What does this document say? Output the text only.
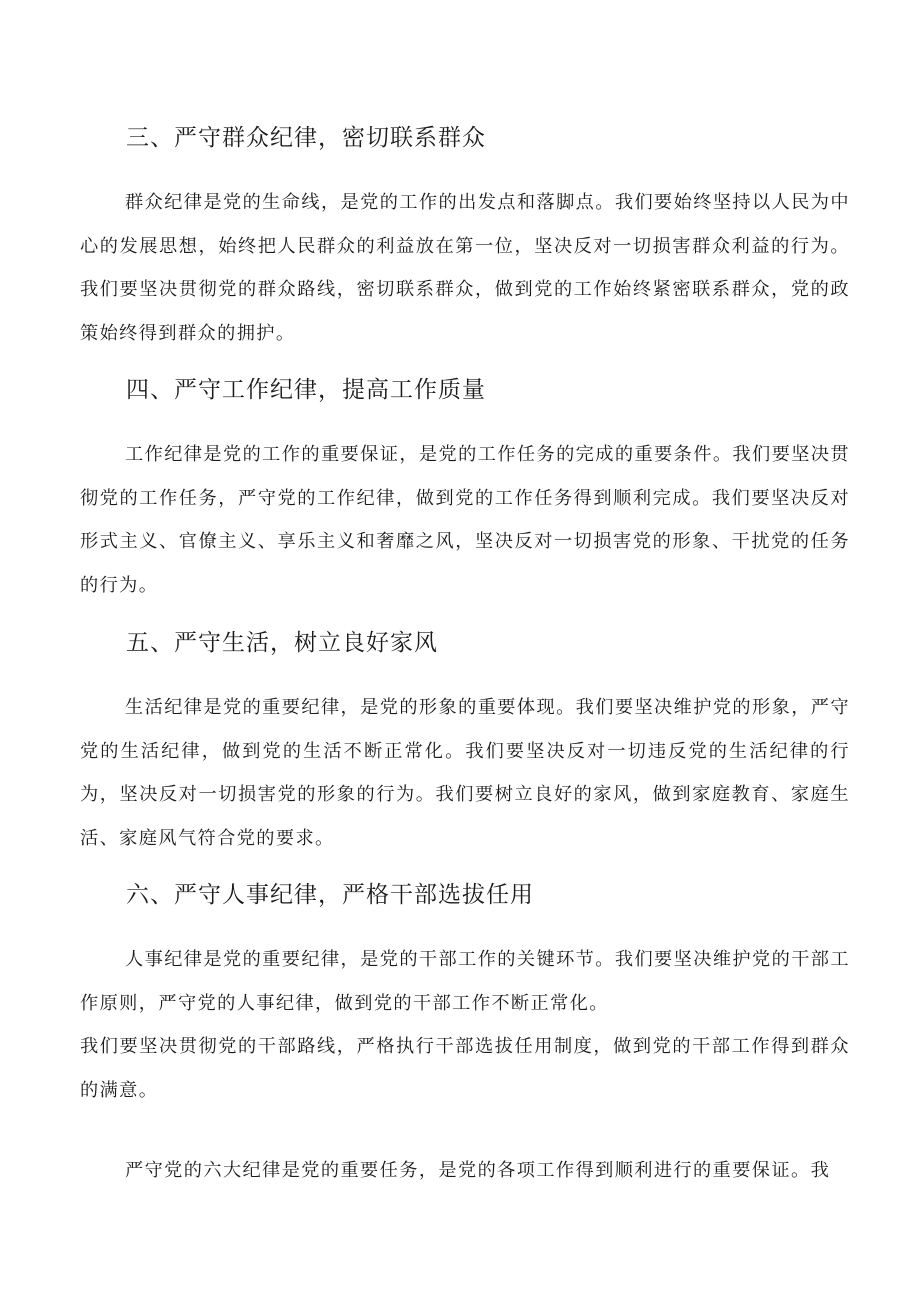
三、严守群众纪律，密切联系群众

群众纪律是党的生命线，是党的工作的出发点和落脚点。我们要始终坚持以人民为中心的发展思想，始终把人民群众的利益放在第一位，坚决反对一切损害群众利益的行为。我们要坚决贯彻党的群众路线，密切联系群众，做到党的工作始终紧密联系群众，党的政策始终得到群众的拥护。

四、严守工作纪律，提高工作质量

工作纪律是党的工作的重要保证，是党的工作任务的完成的重要条件。我们要坚决贯彻党的工作任务，严守党的工作纪律，做到党的工作任务得到顺利完成。我们要坚决反对形式主义、官僚主义、享乐主义和奢靡之风，坚决反对一切损害党的形象、干扰党的任务的行为。

五、严守生活，树立良好家风

生活纪律是党的重要纪律，是党的形象的重要体现。我们要坚决维护党的形象，严守党的生活纪律，做到党的生活不断正常化。我们要坚决反对一切违反党的生活纪律的行为，坚决反对一切损害党的形象的行为。我们要树立良好的家风，做到家庭教育、家庭生活、家庭风气符合党的要求。

六、严守人事纪律，严格干部选拔任用

人事纪律是党的重要纪律，是党的干部工作的关键环节。我们要坚决维护党的干部工作原则，严守党的人事纪律，做到党的干部工作不断正常化。

我们要坚决贯彻党的干部路线，严格执行干部选拔任用制度，做到党的干部工作得到群众的满意。

严守党的六大纪律是党的重要任务，是党的各项工作得到顺利进行的重要保证。我
